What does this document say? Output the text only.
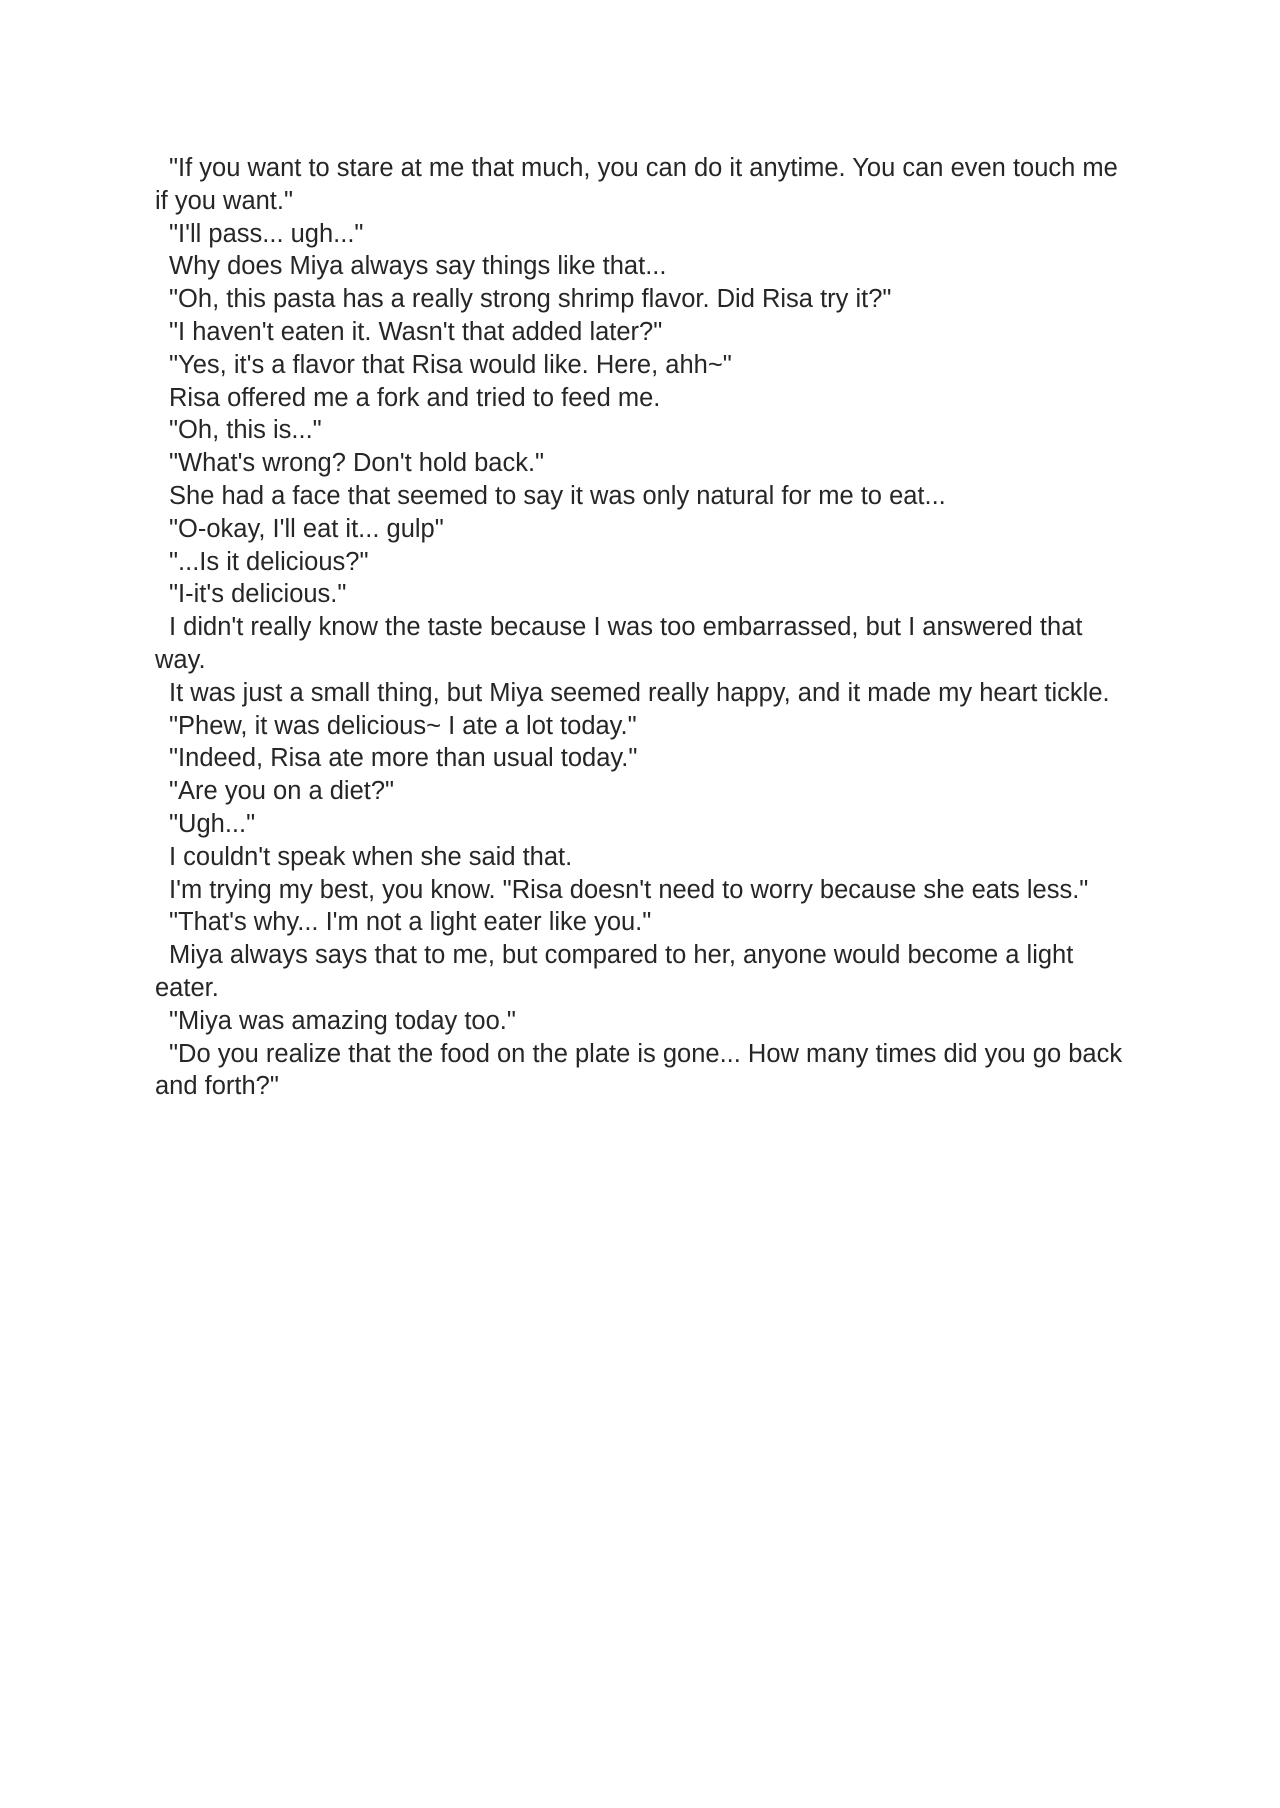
"If you want to stare at me that much, you can do it anytime. You can even touch me if you want."

"I'll pass... ugh..."

Why does Miya always say things like that...

"Oh, this pasta has a really strong shrimp flavor. Did Risa try it?"

"I haven't eaten it. Wasn't that added later?"

"Yes, it's a flavor that Risa would like. Here, ahh~"

Risa offered me a fork and tried to feed me.

"Oh, this is..."

"What's wrong? Don't hold back."

She had a face that seemed to say it was only natural for me to eat...

"O-okay, I'll eat it... gulp"

"...Is it delicious?"

"I-it's delicious."

I didn't really know the taste because I was too embarrassed, but I answered that way.

It was just a small thing, but Miya seemed really happy, and it made my heart tickle.

"Phew, it was delicious~ I ate a lot today."

"Indeed, Risa ate more than usual today."

"Are you on a diet?"

"Ugh..."

I couldn't speak when she said that.

I'm trying my best, you know. "Risa doesn't need to worry because she eats less."

"That's why... I'm not a light eater like you."

Miya always says that to me, but compared to her, anyone would become a light eater.

"Miya was amazing today too."

"Do you realize that the food on the plate is gone... How many times did you go back and forth?"
